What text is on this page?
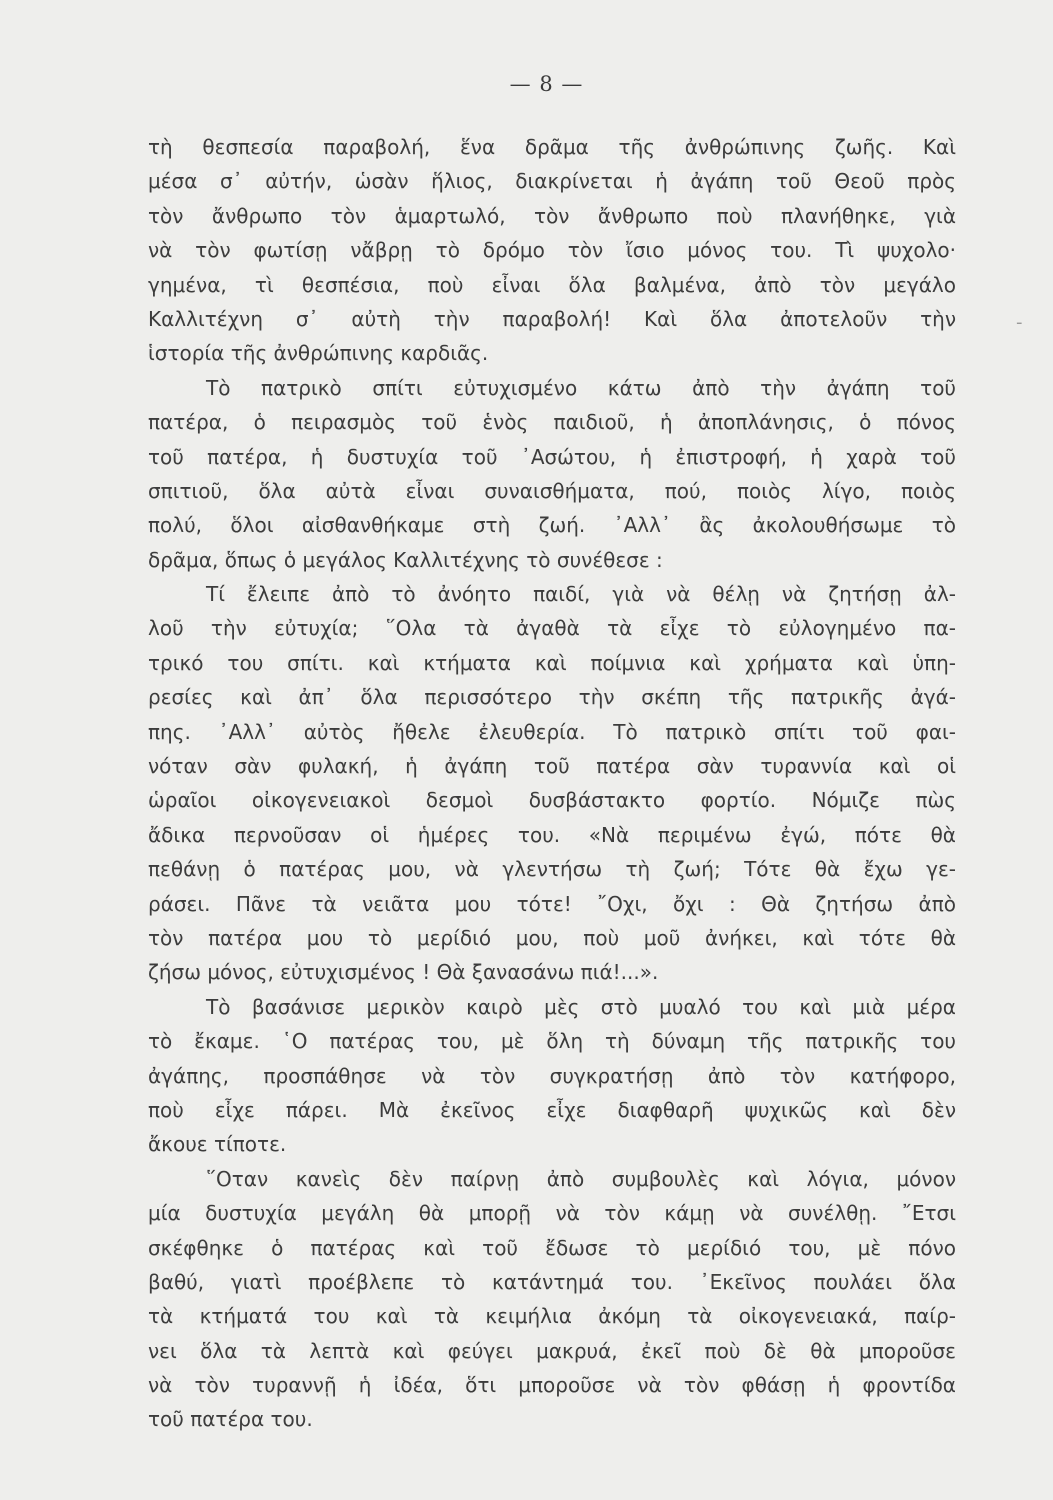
— 8 —
-
τὴ θεσπεσία παραβολή, ἕνα δρᾶμα τῆς ἀνθρώπινης ζωῆς. Καὶ
μέσα σ᾽ αὐτήν, ὡσὰν ἥλιος, διακρίνεται ἡ ἀγάπη τοῦ Θεοῦ πρὸς
τὸν ἄνθρωπο τὸν ἁμαρτωλό, τὸν ἄνθρωπο ποὺ πλανήθηκε, γιὰ
νὰ τὸν φωτίσῃ νἄβρῃ τὸ δρόμο τὸν ἴσιο μόνος του. Τὶ ψυχολο·
γημένα, τὶ θεσπέσια, ποὺ εἶναι ὅλα βαλμένα, ἀπὸ τὸν μεγάλο
Καλλιτέχνη σ᾽ αὐτὴ τὴν παραβολή! Καὶ ὅλα ἀποτελοῦν τὴν
ἱστορία τῆς ἀνθρώπινης καρδιᾶς.
Τὸ πατρικὸ σπίτι εὐτυχισμένο κάτω ἀπὸ τὴν ἀγάπη τοῦ
πατέρα, ὁ πειρασμὸς τοῦ ἑνὸς παιδιοῦ, ἡ ἀποπλάνησις, ὁ πόνος
τοῦ πατέρα, ἡ δυστυχία τοῦ ᾽Ασώτου, ἡ ἐπιστροφή, ἡ χαρὰ τοῦ
σπιτιοῦ, ὅλα αὐτὰ εἶναι συναισθήματα, πού, ποιὸς λίγο, ποιὸς
πολύ, ὅλοι αἰσθανθήκαμε στὴ ζωή. ᾽Αλλ᾽ ἂς ἀκολουθήσωμε τὸ
δρᾶμα, ὅπως ὁ μεγάλος Καλλιτέχνης τὸ συνέθεσε :
Τί ἔλειπε ἀπὸ τὸ ἀνόητο παιδί, γιὰ νὰ θέλῃ νὰ ζητήσῃ ἀλ-
λοῦ τὴν εὐτυχία; ῞Ολα τὰ ἀγαθὰ τὰ εἶχε τὸ εὐλογημένο πα-
τρικό του σπίτι. καὶ κτήματα καὶ ποίμνια καὶ χρήματα καὶ ὑπη-
ρεσίες καὶ ἀπ᾽ ὅλα περισσότερο τὴν σκέπη τῆς πατρικῆς ἀγά-
πης. ᾽Αλλ᾽ αὐτὸς ἤθελε ἐλευθερία. Τὸ πατρικὸ σπίτι τοῦ φαι-
νόταν σὰν φυλακή, ἡ ἀγάπη τοῦ πατέρα σὰν τυραννία καὶ οἱ
ὡραῖοι οἰκογενειακοὶ δεσμοὶ δυσβάστακτο φορτίο. Νόμιζε πὼς
ἄδικα περνοῦσαν οἱ ἡμέρες του. «Νὰ περιμένω ἐγώ, πότε θὰ
πεθάνῃ ὁ πατέρας μου, νὰ γλεντήσω τὴ ζωή; Τότε θὰ ἔχω γε-
ράσει. Πᾶνε τὰ νειᾶτα μου τότε! ῎Οχι, ὄχι : Θὰ ζητήσω ἀπὸ
τὸν πατέρα μου τὸ μερίδιό μου, ποὺ μοῦ ἀνήκει, καὶ τότε θὰ
ζήσω μόνος, εὐτυχισμένος ! Θὰ ξανασάνω πιά!...».
Τὸ βασάνισε μερικὸν καιρὸ μὲς στὸ μυαλό του καὶ μιὰ μέρα
τὸ ἔκαμε. ῾Ο πατέρας του, μὲ ὅλη τὴ δύναμη τῆς πατρικῆς του
ἀγάπης, προσπάθησε νὰ τὸν συγκρατήσῃ ἀπὸ τὸν κατήφορο,
ποὺ εἶχε πάρει. Μὰ ἐκεῖνος εἶχε διαφθαρῆ ψυχικῶς καὶ δὲν
ἄκουε τίποτε.
῞Οταν κανεὶς δὲν παίρνῃ ἀπὸ συμβουλὲς καὶ λόγια, μόνον
μία δυστυχία μεγάλη θὰ μπορῇ νὰ τὸν κάμῃ νὰ συνέλθῃ. ῎Ετσι
σκέφθηκε ὁ πατέρας καὶ τοῦ ἔδωσε τὸ μερίδιό του, μὲ πόνο
βαθύ, γιατὶ προέβλεπε τὸ κατάντημά του. ᾽Εκεῖνος πουλάει ὅλα
τὰ κτήματά του καὶ τὰ κειμήλια ἀκόμη τὰ οἰκογενειακά, παίρ-
νει ὅλα τὰ λεπτὰ καὶ φεύγει μακρυά, ἐκεῖ ποὺ δὲ θὰ μποροῦσε
νὰ τὸν τυραννῇ ἡ ἰδέα, ὅτι μποροῦσε νὰ τὸν φθάσῃ ἡ φροντίδα
τοῦ πατέρα του.
